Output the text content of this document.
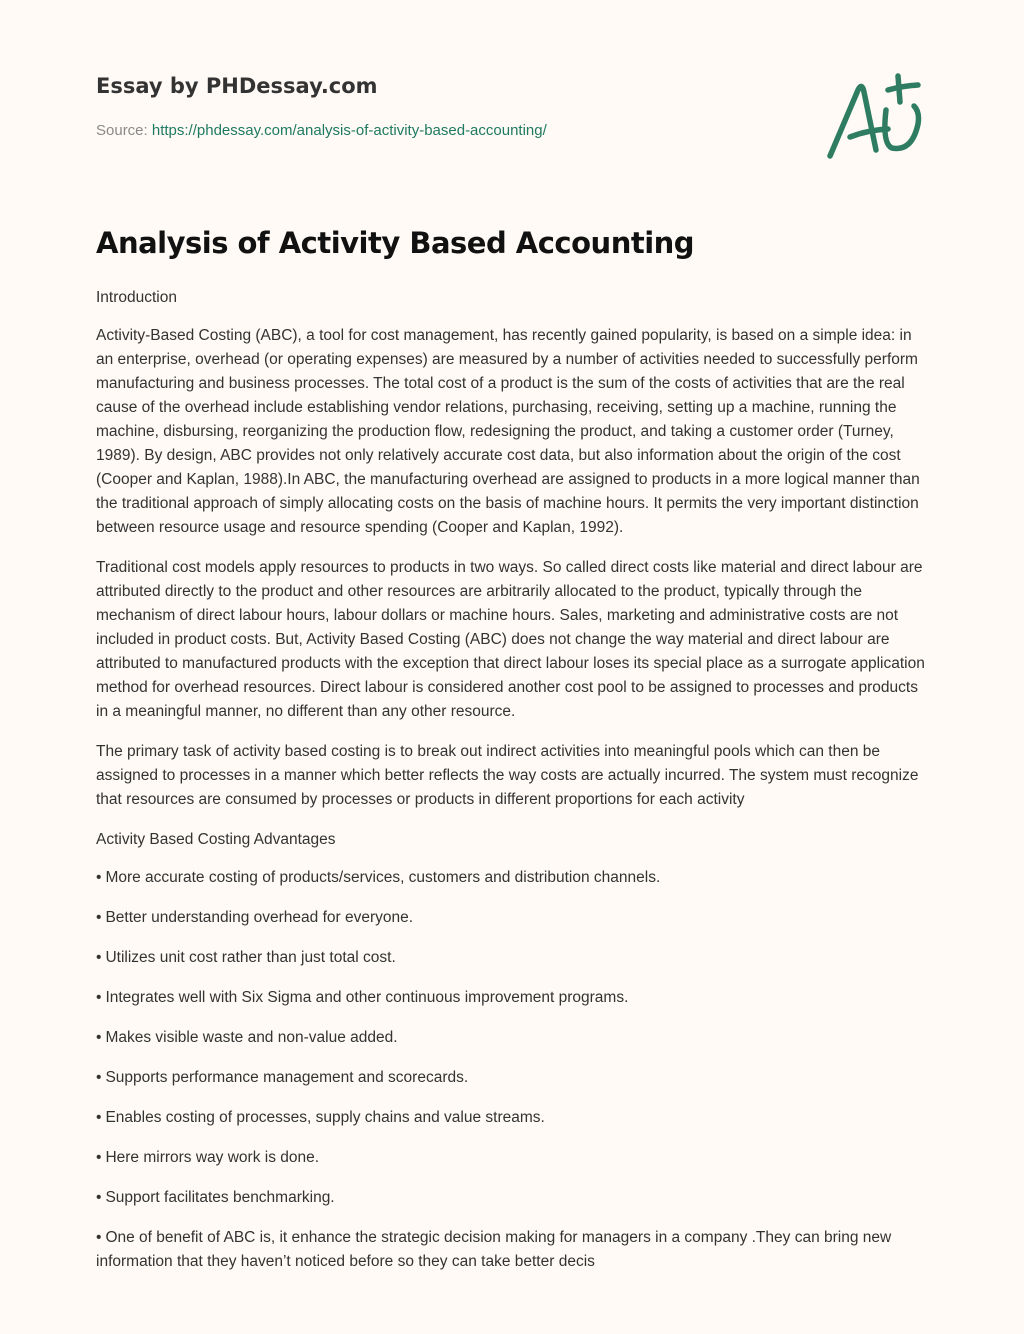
Essay by PHDessay.com
Source: https://phdessay.com/analysis-of-activity-based-accounting/
Analysis of Activity Based Accounting
Introduction

Activity-Based Costing (ABC), a tool for cost management, has recently gained popularity, is based on a simple idea: in an enterprise, overhead (or operating expenses) are measured by a number of activities needed to successfully perform manufacturing and business processes. The total cost of a product is the sum of the costs of activities that are the real cause of the overhead include establishing vendor relations, purchasing, receiving, setting up a machine, running the machine, disbursing, reorganizing the production flow, redesigning the product, and taking a customer order (Turney, 1989). By design, ABC provides not only relatively accurate cost data, but also information about the origin of the cost (Cooper and Kaplan, 1988).In ABC, the manufacturing overhead are assigned to products in a more logical manner than the traditional approach of simply allocating costs on the basis of machine hours. It permits the very important distinction between resource usage and resource spending (Cooper and Kaplan, 1992).

Traditional cost models apply resources to products in two ways. So called direct costs like material and direct labour are attributed directly to the product and other resources are arbitrarily allocated to the product, typically through the mechanism of direct labour hours, labour dollars or machine hours. Sales, marketing and administrative costs are not included in product costs. But, Activity Based Costing (ABC) does not change the way material and direct labour are attributed to manufactured products with the exception that direct labour loses its special place as a surrogate application method for overhead resources. Direct labour is considered another cost pool to be assigned to processes and products in a meaningful manner, no different than any other resource.

The primary task of activity based costing is to break out indirect activities into meaningful pools which can then be assigned to processes in a manner which better reflects the way costs are actually incurred. The system must recognize that resources are consumed by processes or products in different proportions for each activity

Activity Based Costing Advantages
• More accurate costing of products/services, customers and distribution channels.
• Better understanding overhead for everyone.
• Utilizes unit cost rather than just total cost.
• Integrates well with Six Sigma and other continuous improvement programs.
• Makes visible waste and non-value added.
• Supports performance management and scorecards.
• Enables costing of processes, supply chains and value streams.
• Here mirrors way work is done.
• Support facilitates benchmarking.
• One of benefit of ABC is, it enhance the strategic decision making for managers in a company .They can bring new information that they haven’t noticed before so they can take better decis
